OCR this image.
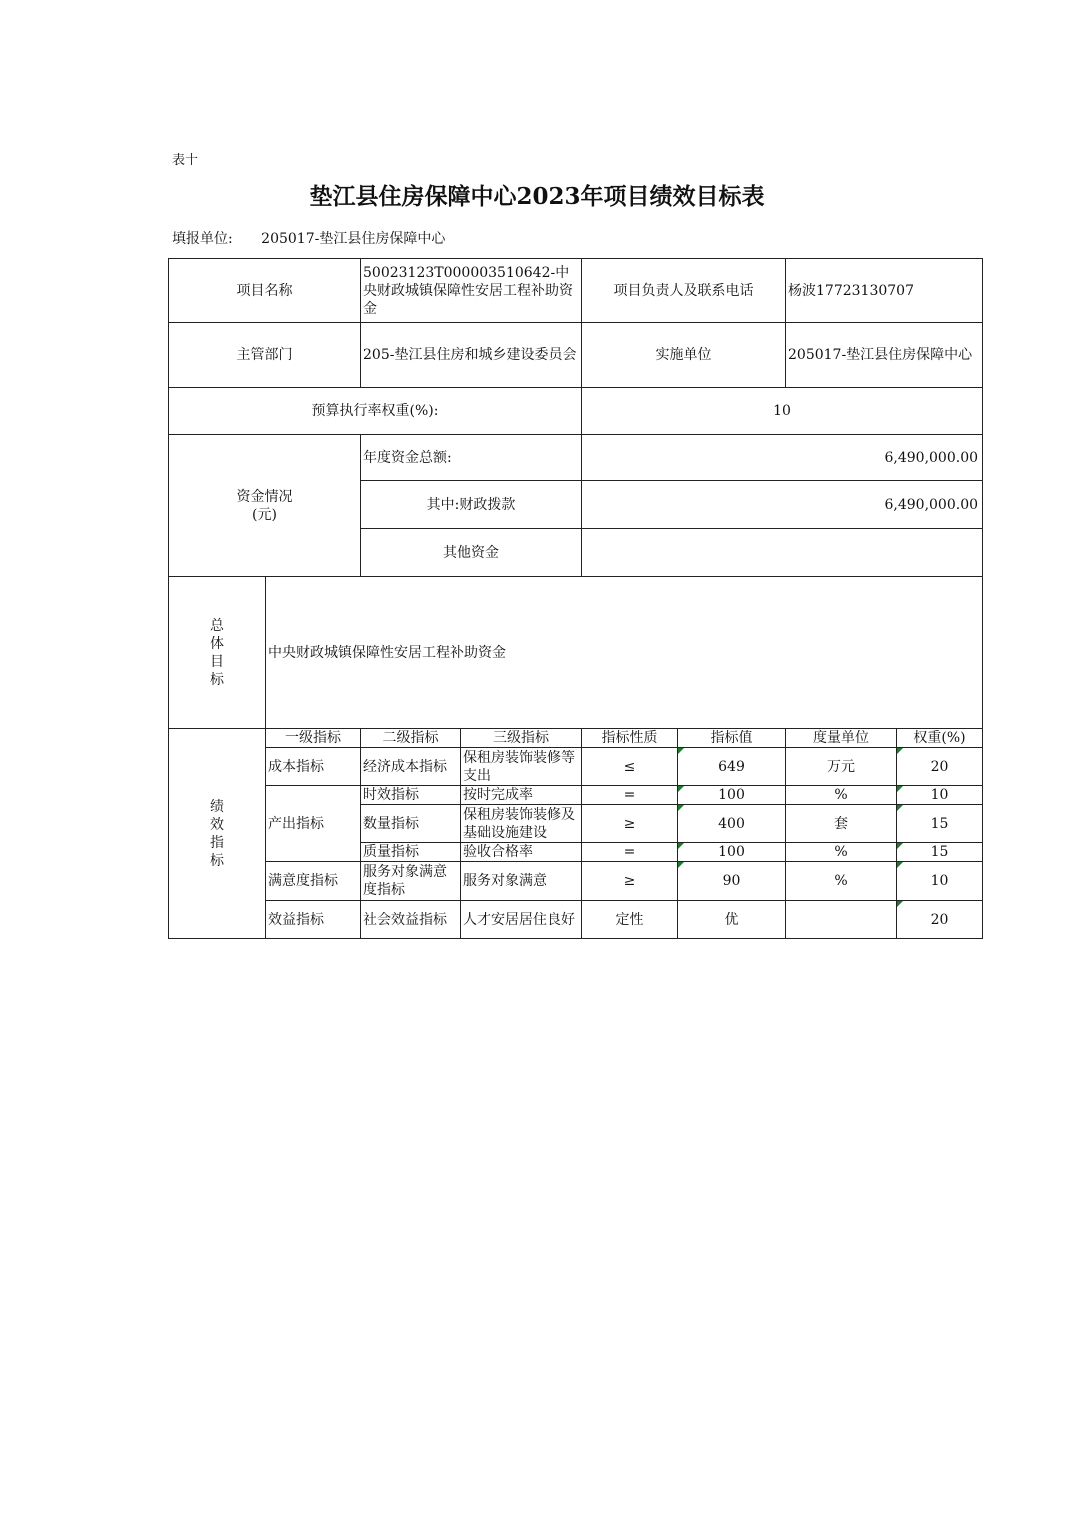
表十
垫江县住房保障中心2023年项目绩效目标表
填报单位: 205017-垫江县住房保障中心
项目名称		50023123T000003510642-中央财政城镇保障性安居工程补助资金		项目负责人及联系电话		杨波17723130707	
主管部门		205-垫江县住房和城乡建设委员会		实施单位		205017-垫江县住房保障中心	
预算执行率权重(%):				10			

资金情况
(元)		年度资金总额:		6,490,000.00			
		其中:财政拨款		6,490,000.00			
		其他资金					

总
体
目
标	中央财政城镇保障性安居工程补助资金						

绩
效
指
标	一级指标	二级指标	三级指标	指标性质	指标值	度量单位	权重(%)
	成本指标	经济成本指标	保租房装饰装修等支出	≤	649	万元	20
	产出指标	时效指标	按时完成率	=	100	%	10
		数量指标	保租房装饰装修及基础设施建设	≥	400	套	15
		质量指标	验收合格率	=	100	%	15
	满意度指标	服务对象满意度指标	服务对象满意	≥	90	%	10
	效益指标	社会效益指标	人才安居居住良好	定性	优		20
